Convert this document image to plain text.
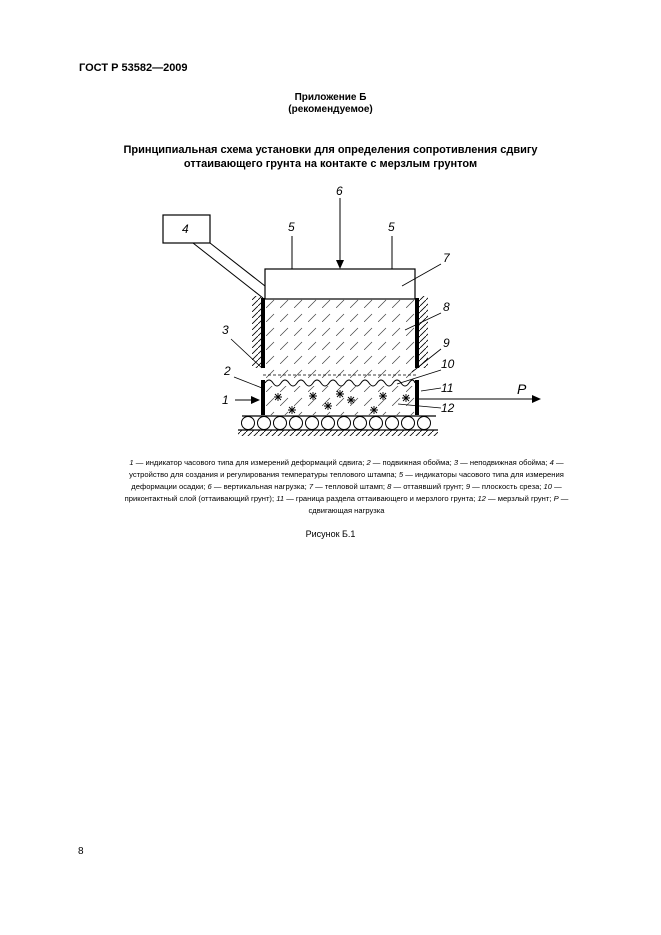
ГОСТ Р 53582—2009
Приложение Б
(рекомендуемое)
Принципиальная схема установки для определения сопротивления сдвигу
оттаивающего грунта на контакте с мерзлым грунтом
1
2
3
4	5	5
6
7
8
9
10
11
12
P
1 — индикатор часового типа для измерений деформаций сдвига; 2 — подвижная обойма; 3 — неподвижная обойма; 4 — устройство для создания и регулирования температуры теплового штампа; 5 — индикаторы часового типа для измерения деформации осадки; 6 — вертикальная нагрузка; 7 — тепловой штамп; 8 — оттаявший грунт; 9 — плоскость среза; 10 — приконтактный слой (оттаивающий грунт); 11 — граница раздела оттаивающего и мерзлого грунта; 12 — мерзлый грунт; P — сдвигающая нагрузка
Рисунок Б.1
8
